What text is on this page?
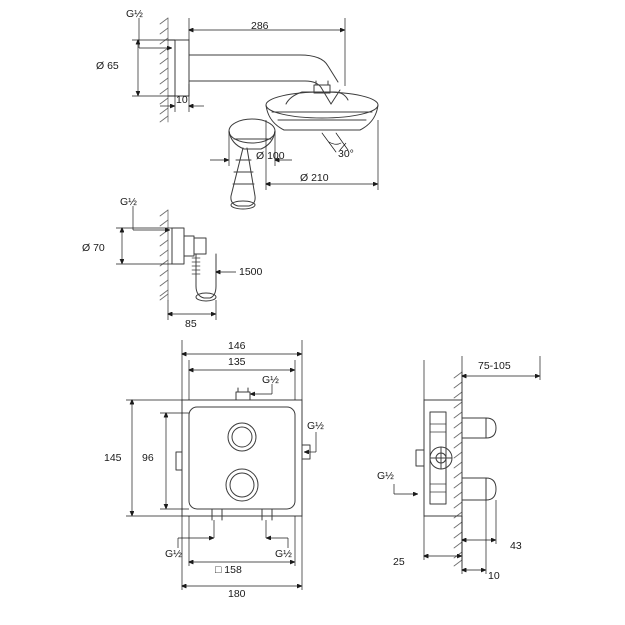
G½
286
Ø 65
10
Ø 100	30°
Ø 210
G½
Ø 70
1500
85
146
135
G½
G½
145 96
G½	G½
□ 158
180
75-105
G½
25
10
43
